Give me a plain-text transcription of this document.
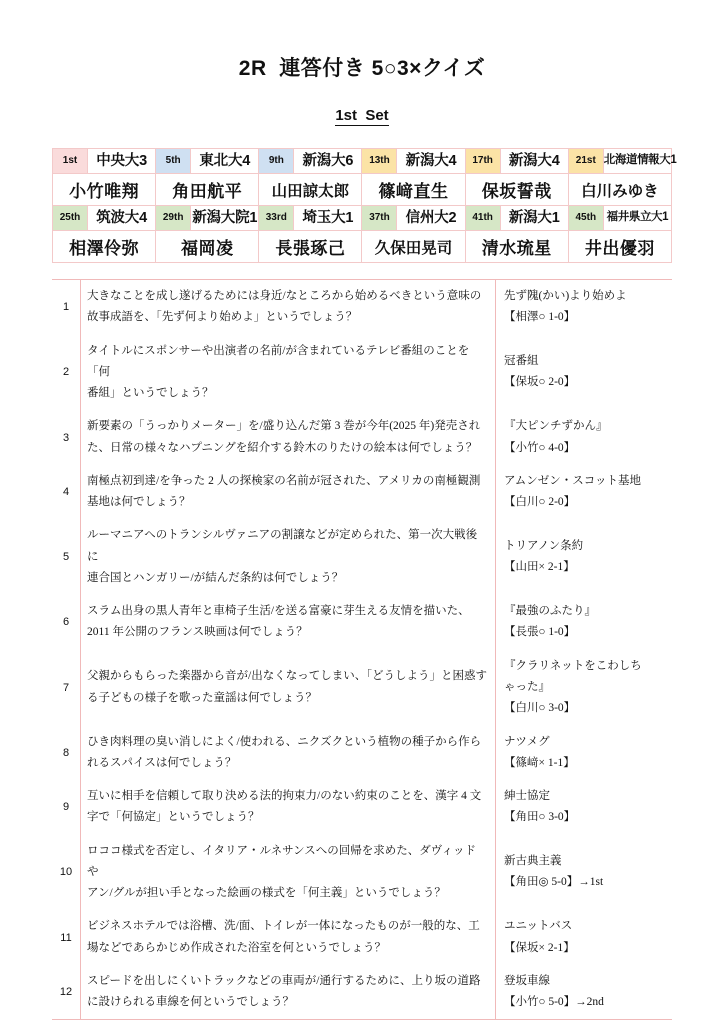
2R  連答付き 5○3×クイズ
1st  Set
1st	中央大3	5th	東北大4	9th	新潟大6	13th	新潟大4	17th	新潟大4	21st	北海道情報大1
小竹唯翔		角田航平		山田諒太郎		篠﨑直生		保坂誓哉		白川みゆき	
25th	筑波大4	29th	新潟大院1	33rd	埼玉大1	37th	信州大2	41th	新潟大1	45th	福井県立大1
相澤伶弥		福岡凌		長張琢己		久保田晃司		清水琉星		井出優羽	
1	大きなことを成し遂げるためには身近/なところから始めるべきという意味の
故事成語を、「先ず何より始めよ」というでしょう？	先ず隗(かい)より始めよ
【相澤○ 1-0】

2	タイトルにスポンサーや出演者の名前/が含まれているテレビ番組のことを「何
番組」というでしょう？	冠番組
【保坂○ 2-0】

3	新要素の「うっかりメーター」を/盛り込んだ第 3 巻が今年(2025 年)発売され
た、日常の様々なハプニングを紹介する鈴木のりたけの絵本は何でしょう？	『大ピンチずかん』
【小竹○ 4-0】

4	南極点初到達/を争った 2 人の探検家の名前が冠された、アメリカの南極観測
基地は何でしょう？	アムンゼン・スコット基地
【白川○ 2-0】

5	ルーマニアへのトランシルヴァニアの割譲などが定められた、第一次大戦後に
連合国とハンガリー/が結んだ条約は何でしょう？	トリアノン条約
【山田× 2-1】

6	スラム出身の黒人青年と車椅子生活/を送る富豪に芽生える友情を描いた、
2011 年公開のフランス映画は何でしょう？	『最強のふたり』
【長張○ 1-0】

7	父親からもらった楽器から音が/出なくなってしまい、「どうしよう」と困惑す
る子どもの様子を歌った童謡は何でしょう？	『クラリネットをこわしち
ゃった』
【白川○ 3-0】

8	ひき肉料理の臭い消しによく/使われる、ニクズクという植物の種子から作ら
れるスパイスは何でしょう？	ナツメグ
【篠﨑× 1-1】

9	互いに相手を信頼して取り決める法的拘束力/のない約束のことを、漢字 4 文
字で「何協定」というでしょう？	紳士協定
【角田○ 3-0】

10	ロココ様式を否定し、イタリア・ルネサンスへの回帰を求めた、ダヴィッドや
アン/グルが担い手となった絵画の様式を「何主義」というでしょう？	新古典主義
【角田◎ 5-0】→1st

11	ビジネスホテルでは浴槽、洗/面、トイレが一体になったものが一般的な、工
場などであらかじめ作成された浴室を何というでしょう？	ユニットバス
【保坂× 2-1】

12	スピードを出しにくいトラックなどの車両が/通行するために、上り坂の道路
に設けられる車線を何というでしょう？	登坂車線
【小竹○ 5-0】→2nd
